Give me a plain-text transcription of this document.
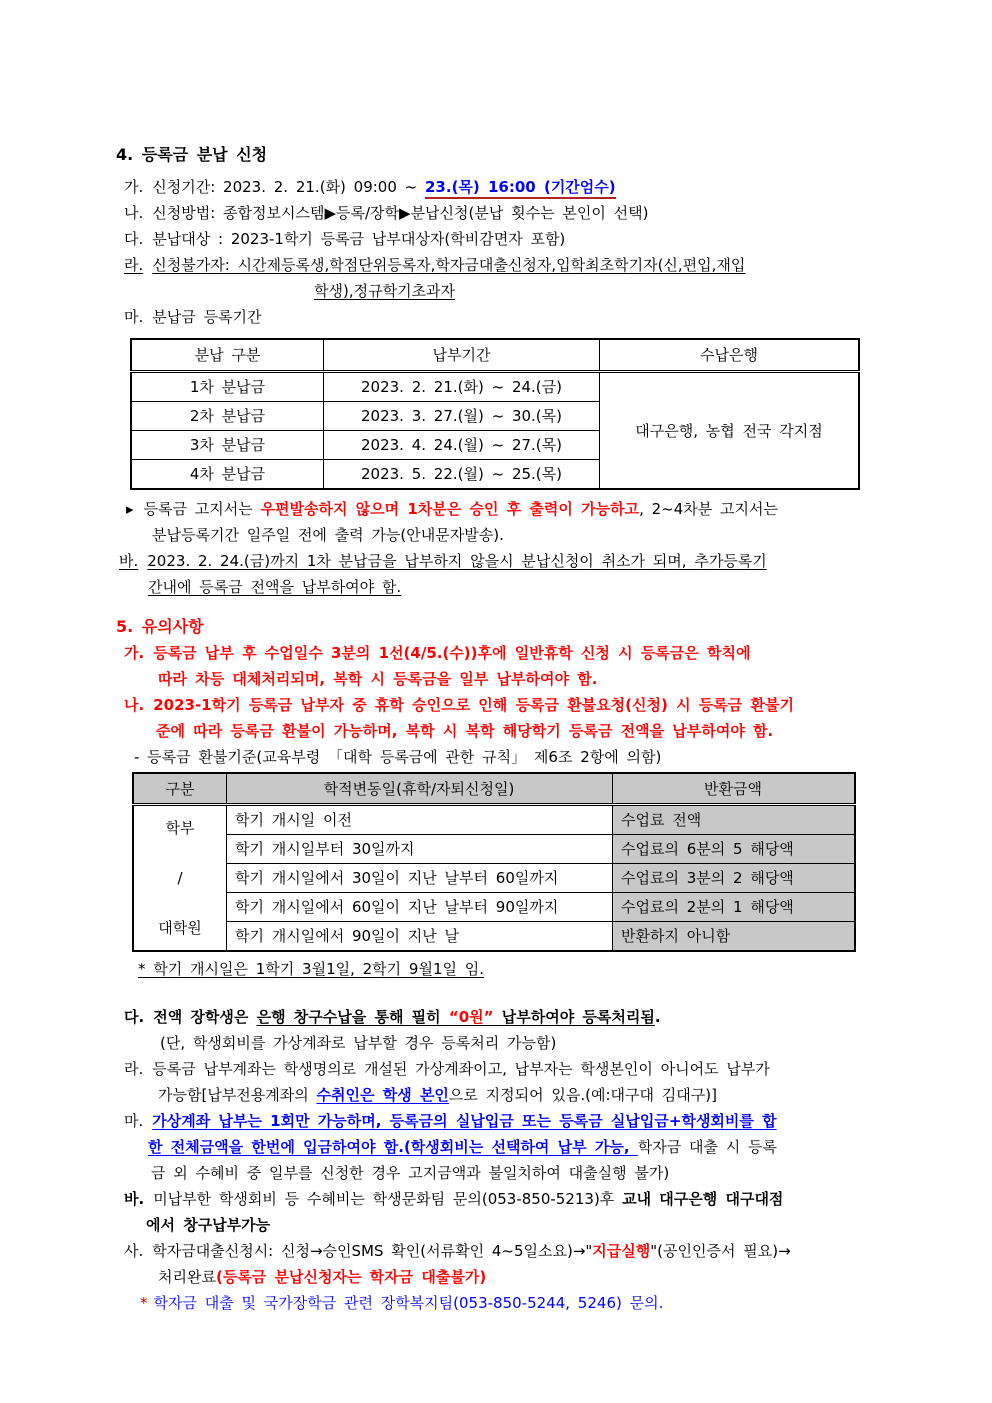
4. 등록금 분납 신청
가. 신청기간: 2023. 2. 21.(화) 09:00 ~ 23.(목) 16:00 (기간엄수)
나. 신청방법: 종합정보시스템▶등록/장학▶분납신청(분납 횟수는 본인이 선택)
다. 분납대상 : 2023-1학기 등록금 납부대상자(학비감면자 포함)
라. 신청불가자: 시간제등록생,학점단위등록자,학자금대출신청자,입학최초학기자(신,편입,재입
학생),정규학기초과자
마. 분납금 등록기간
분납 구분	납부기간	수납은행
1차 분납금	2023. 2. 21.(화) ~ 24.(금)	대구은행, 농협 전국 각지점
2차 분납금	2023. 3. 27.(월) ~ 30.(목)	
3차 분납금	2023. 4. 24.(월) ~ 27.(목)	
4차 분납금	2023. 5. 22.(월) ~ 25.(목)	
▸ 등록금 고지서는 우편발송하지 않으며 1차분은 승인 후 출력이 가능하고, 2~4차분 고지서는
분납등록기간 일주일 전에 출력 가능(안내문자발송).
바. 2023. 2. 24.(금)까지 1차 분납금을 납부하지 않을시 분납신청이 취소가 되며, 추가등록기
간내에 등록금 전액을 납부하여야 함.
5. 유의사항
가. 등록금 납부 후 수업일수 3분의 1선(4/5.(수))후에 일반휴학 신청 시 등록금은 학칙에
따라 차등 대체처리되며, 복학 시 등록금을 일부 납부하여야 함.
나. 2023-1학기 등록금 납부자 중 휴학 승인으로 인해 등록금 환불요청(신청) 시 등록금 환불기
준에 따라 등록금 환불이 가능하며, 복학 시 복학 해당학기 등록금 전액을 납부하여야 함.
- 등록금 환불기준(교육부령 「대학 등록금에 관한 규칙」 제6조 2항에 의함)
구분	학적변동일(휴학/자퇴신청일)	반환금액

학부
/
대학원	학기 개시일 이전	수업료 전액
	학기 개시일부터 30일까지	수업료의 6분의 5 해당액
	학기 개시일에서 30일이 지난 날부터 60일까지	수업료의 3분의 2 해당액
	학기 개시일에서 60일이 지난 날부터 90일까지	수업료의 2분의 1 해당액
	학기 개시일에서 90일이 지난 날	반환하지 아니함
* 학기 개시일은 1학기 3월1일, 2학기 9월1일 임.
다. 전액 장학생은 은행 창구수납을 통해 필히 “0원” 납부하여야 등록처리됨.
(단, 학생회비를 가상계좌로 납부할 경우 등록처리 가능함)
라. 등록금 납부계좌는 학생명의로 개설된 가상계좌이고, 납부자는 학생본인이 아니어도 납부가
가능함[납부전용계좌의 수취인은 학생 본인으로 지정되어 있음.(예:대구대 김대구)]
마. 가상계좌 납부는 1회만 가능하며, 등록금의 실납입금 또는 등록금 실납입금+학생회비를 합
한 전체금액을 한번에 입금하여야 함.(학생회비는 선택하여 납부 가능, 학자금 대출 시 등록
금 외 수혜비 중 일부를 신청한 경우 고지금액과 불일치하여 대출실행 불가)
바. 미납부한 학생회비 등 수혜비는 학생문화팀 문의(053-850-5213)후 교내 대구은행 대구대점
에서 창구납부가능
사. 학자금대출신청시: 신청→승인SMS 확인(서류확인 4~5일소요)→"지급실행"(공인인증서 필요)→
처리완료(등록금 분납신청자는 학자금 대출불가)
* 학자금 대출 및 국가장학금 관련 장학복지팀(053-850-5244, 5246) 문의.
